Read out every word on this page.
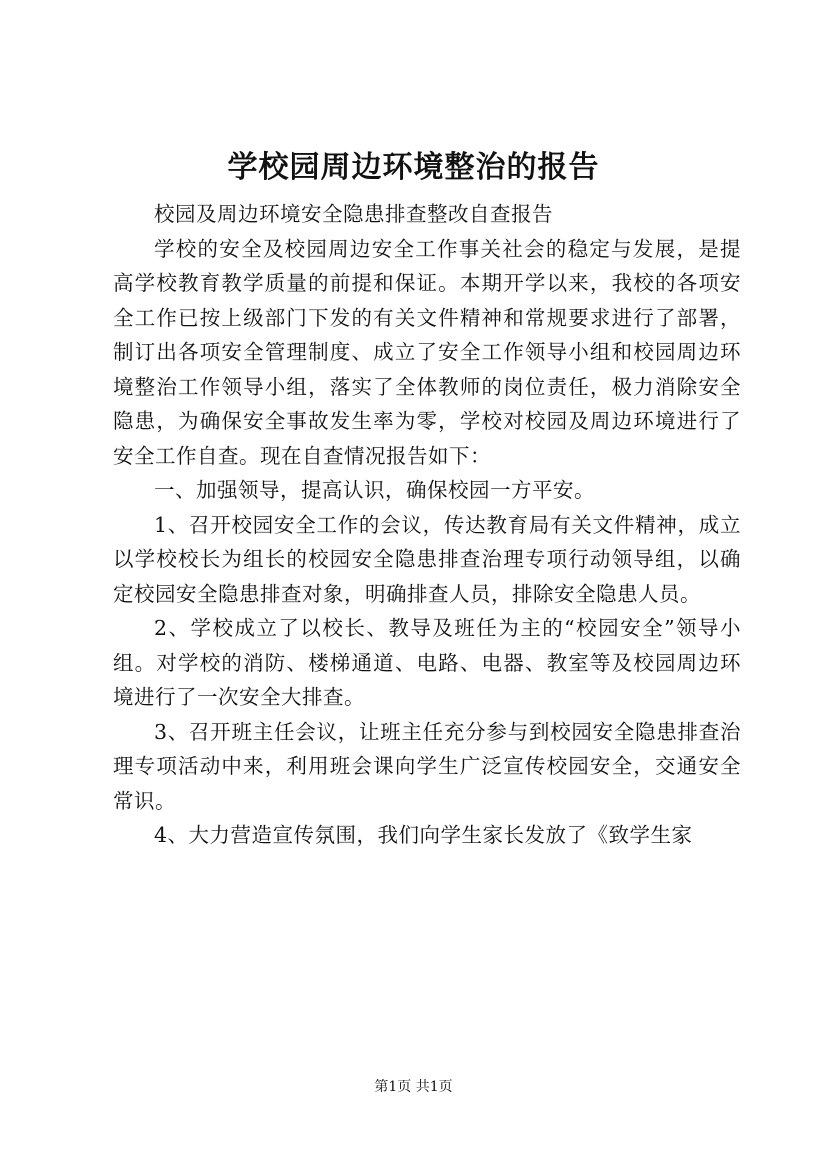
学校园周边环境整治的报告

校园及周边环境安全隐患排查整改自查报告

学校的安全及校园周边安全工作事关社会的稳定与发展，是提高学校教育教学质量的前提和保证。本期开学以来，我校的各项安全工作已按上级部门下发的有关文件精神和常规要求进行了部署，制订出各项安全管理制度、成立了安全工作领导小组和校园周边环境整治工作领导小组，落实了全体教师的岗位责任，极力消除安全隐患，为确保安全事故发生率为零，学校对校园及周边环境进行了安全工作自查。现在自查情况报告如下：

一、加强领导，提高认识，确保校园一方平安。

1、召开校园安全工作的会议，传达教育局有关文件精神，成立以学校校长为组长的校园安全隐患排查治理专项行动领导组，以确定校园安全隐患排查对象，明确排查人员，排除安全隐患人员。

2、学校成立了以校长、教导及班任为主的“校园安全”领导小组。对学校的消防、楼梯通道、电路、电器、教室等及校园周边环境进行了一次安全大排查。

3、召开班主任会议，让班主任充分参与到校园安全隐患排查治理专项活动中来，利用班会课向学生广泛宣传校园安全，交通安全常识。

4、大力营造宣传氛围，我们向学生家长发放了《致学生家

第1页 共1页
